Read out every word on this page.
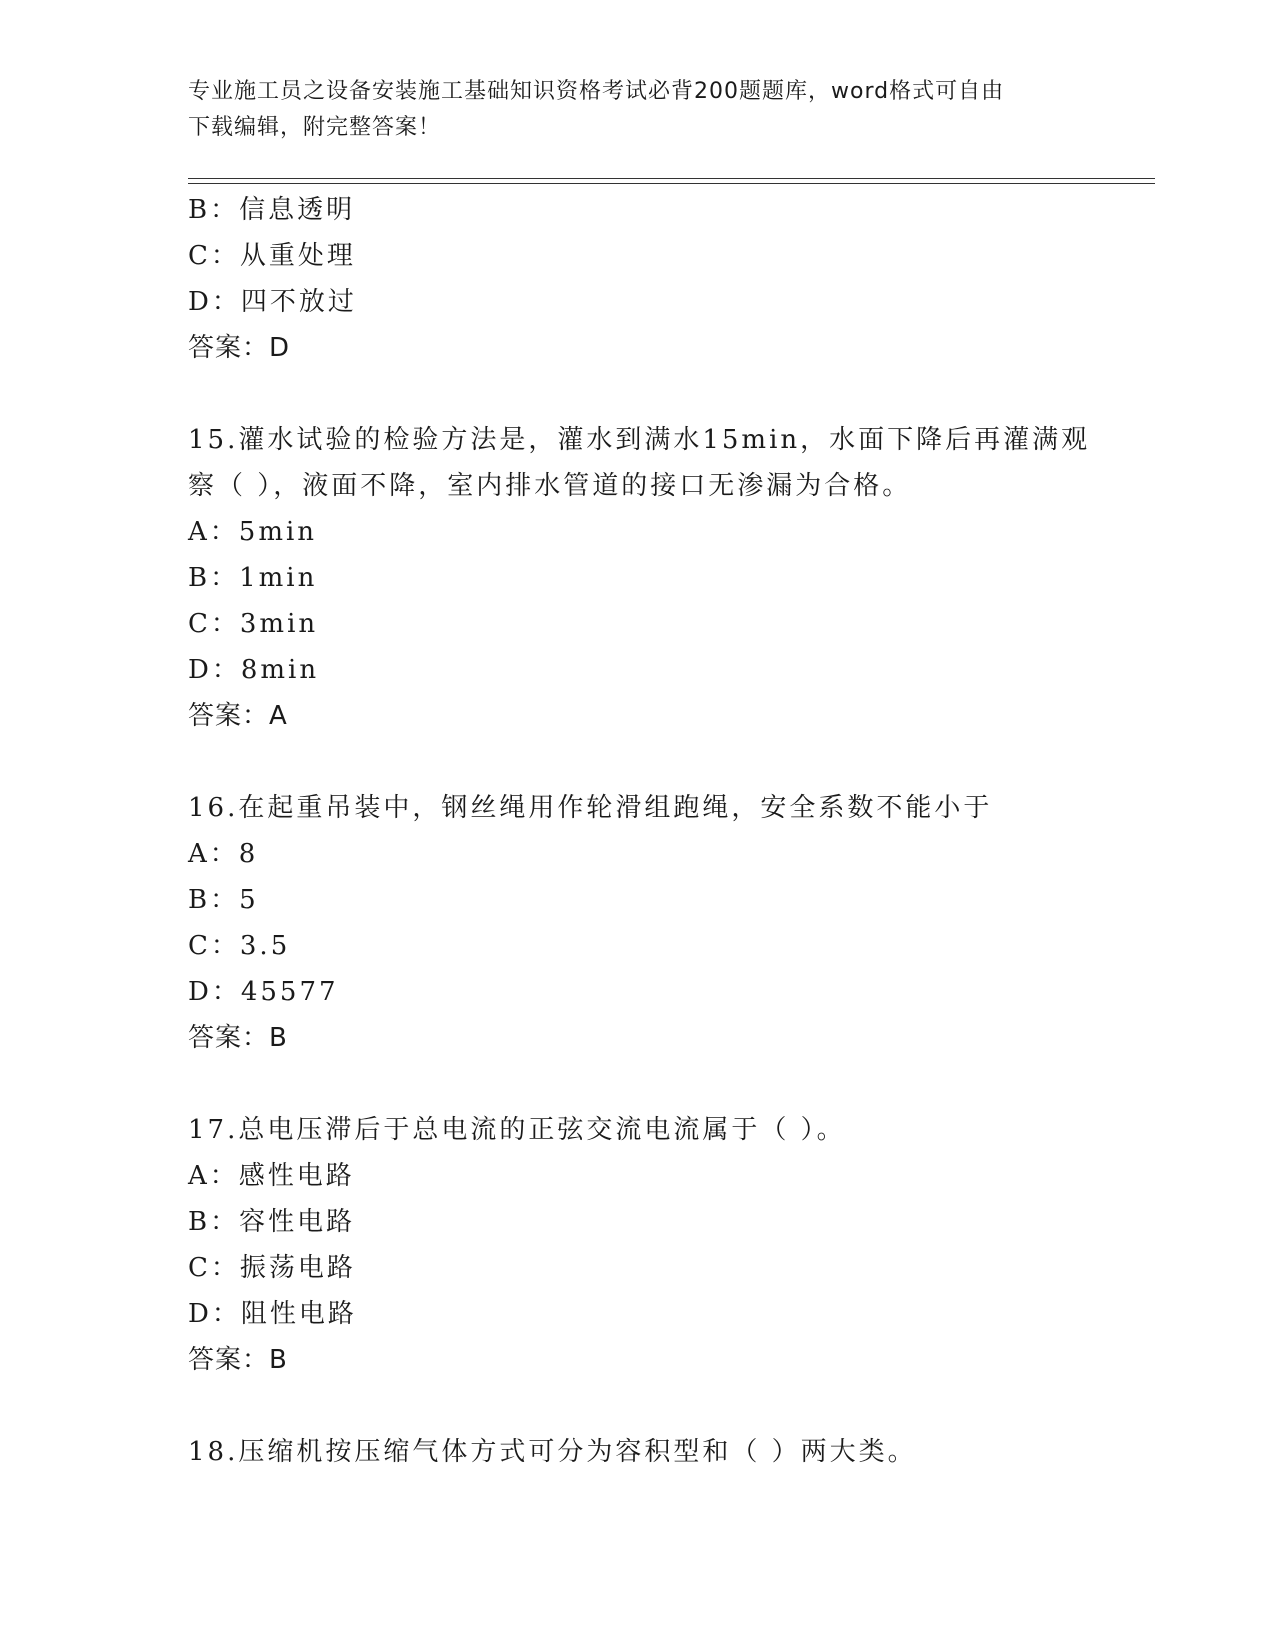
专业施工员之设备安装施工基础知识资格考试必背200题题库，word格式可自由
下载编辑，附完整答案！
B：信息透明
C：从重处理
D：四不放过
答案：D
15.灌水试验的检验方法是，灌水到满水15min，水面下降后再灌满观
察（ ），液面不降，室内排水管道的接口无渗漏为合格。
A：5min
B：1min
C：3min
D：8min
答案：A
16.在起重吊装中，钢丝绳用作轮滑组跑绳，安全系数不能小于
A：8
B：5
C：3.5
D：45577
答案：B
17.总电压滞后于总电流的正弦交流电流属于（ ）。
A：感性电路
B：容性电路
C：振荡电路
D：阻性电路
答案：B
18.压缩机按压缩气体方式可分为容积型和（ ）两大类。
